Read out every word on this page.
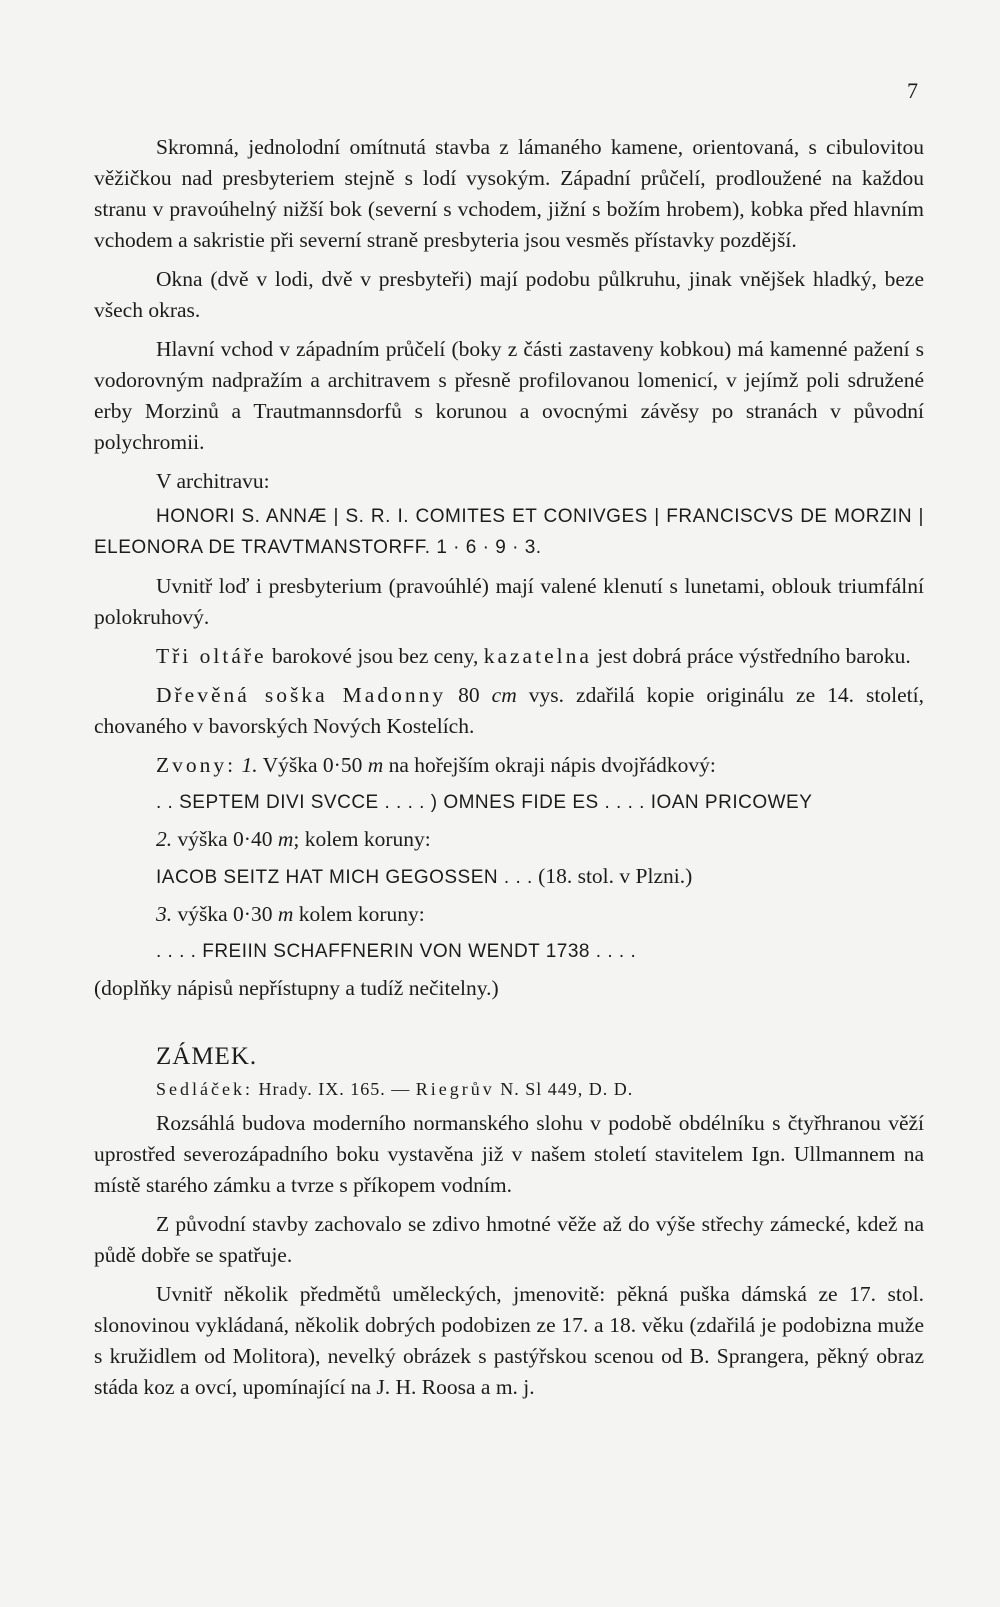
7

Skromná, jednolodní omítnutá stavba z lámaného kamene, orientovaná, s cibulovitou věžičkou nad presbyteriem stejně s lodí vysokým. Západní průčelí, prodloužené na každou stranu v pravoúhelný nižší bok (severní s vchodem, jižní s božím hrobem), kobka před hlavním vchodem a sakristie při severní straně presbyteria jsou vesměs přístavky pozdější.

Okna (dvě v lodi, dvě v presbyteři) mají podobu půlkruhu, jinak vnějšek hladký, beze všech okras.

Hlavní vchod v západním průčelí (boky z části zastaveny kobkou) má kamenné pažení s vodorovným nadpražím a architravem s přesně profilovanou lomenicí, v jejímž poli sdružené erby Morzinů a Trautmannsdorfů s korunou a ovocnými závěsy po stranách v původní polychromii.

V architravu:

HONORI S. ANNÆ | S. R. I. COMITES ET CONIVGES | FRANCISCVS DE MORZIN | ELEONORA DE TRAVTMANSTORFF. 1 · 6 · 9 · 3.

Uvnitř loď i presbyterium (pravoúhlé) mají valené klenutí s lunetami, oblouk triumfální polokruhový.

Tři oltáře barokové jsou bez ceny, kazatelna jest dobrá práce výstředního baroku.

Dřevěná soška Madonny 80 cm vys. zdařilá kopie originálu ze 14. století, chovaného v bavorských Nových Kostelích.

Zvony: 1. Výška 0·50 m na hořejším okraji nápis dvojřádkový:

. . SEPTEM DIVI SVCCE . . . . ) OMNES FIDE ES . . . . IOAN PRICOWEY

2. výška 0·40 m; kolem koruny:

IACOB SEITZ HAT MICH GEGOSSEN . . . (18. stol. v Plzni.)

3. výška 0·30 m kolem koruny:

. . . . FREIIN SCHAFFNERIN VON WENDT 1738 . . . .

(doplňky nápisů nepřístupny a tudíž nečitelny.)

ZÁMEK.
Sedláček: Hrady. IX. 165. — Riegrův N. Sl 449, D. D.

Rozsáhlá budova moderního normanského slohu v podobě obdélníku s čtyřhranou věží uprostřed severozápadního boku vystavěna již v našem století stavitelem Ign. Ullmannem na místě starého zámku a tvrze s příkopem vodním.

Z původní stavby zachovalo se zdivo hmotné věže až do výše střechy zámecké, kdež na půdě dobře se spatřuje.

Uvnitř několik předmětů uměleckých, jmenovitě: pěkná puška dámská ze 17. stol. slonovinou vykládaná, několik dobrých podobizen ze 17. a 18. věku (zdařilá je podobizna muže s kružidlem od Molitora), nevelký obrázek s pastýřskou scenou od B. Sprangera, pěkný obraz stáda koz a ovcí, upomínající na J. H. Roosa a m. j.
